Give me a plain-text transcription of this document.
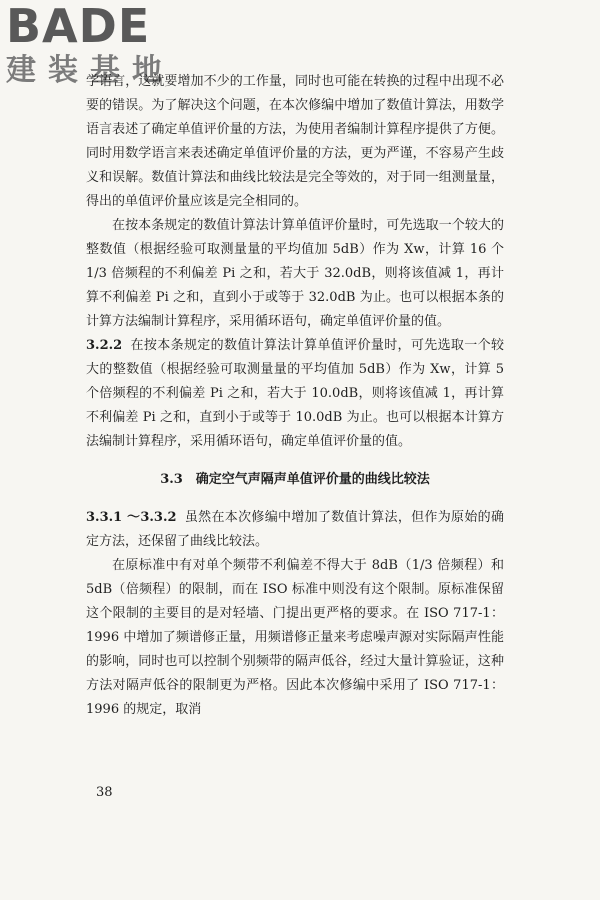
BADE
建装基地

学语言，这就要增加不少的工作量，同时也可能在转换的过程中出现不必要的错误。为了解决这个问题，在本次修编中增加了数值计算法，用数学语言表述了确定单值评价量的方法，为使用者编制计算程序提供了方便。同时用数学语言来表述确定单值评价量的方法，更为严谨，不容易产生歧义和误解。数值计算法和曲线比较法是完全等效的，对于同一组测量量，得出的单值评价量应该是完全相同的。

在按本条规定的数值计算法计算单值评价量时，可先选取一个较大的整数值（根据经验可取测量量的平均值加 5dB）作为 Xw，计算 16 个 1/3 倍频程的不利偏差 Pi 之和，若大于 32.0dB，则将该值减 1，再计算不利偏差 Pi 之和，直到小于或等于 32.0dB 为止。也可以根据本条的计算方法编制计算程序，采用循环语句，确定单值评价量的值。

3.2.2 在按本条规定的数值计算法计算单值评价量时，可先选取一个较大的整数值（根据经验可取测量量的平均值加 5dB）作为 Xw，计算 5 个倍频程的不利偏差 Pi 之和，若大于 10.0dB，则将该值减 1，再计算不利偏差 Pi 之和，直到小于或等于 10.0dB 为止。也可以根据本计算方法编制计算程序，采用循环语句，确定单值评价量的值。

3.3　确定空气声隔声单值评价量的曲线比较法

3.3.1 ～3.3.2 虽然在本次修编中增加了数值计算法，但作为原始的确定方法，还保留了曲线比较法。

在原标准中有对单个频带不利偏差不得大于 8dB（1/3 倍频程）和 5dB（倍频程）的限制，而在 ISO 标准中则没有这个限制。原标准保留这个限制的主要目的是对轻墙、门提出更严格的要求。在 ISO 717-1：1996 中增加了频谱修正量，用频谱修正量来考虑噪声源对实际隔声性能的影响，同时也可以控制个别频带的隔声低谷，经过大量计算验证，这种方法对隔声低谷的限制更为严格。因此本次修编中采用了 ISO 717-1：1996 的规定，取消

38
